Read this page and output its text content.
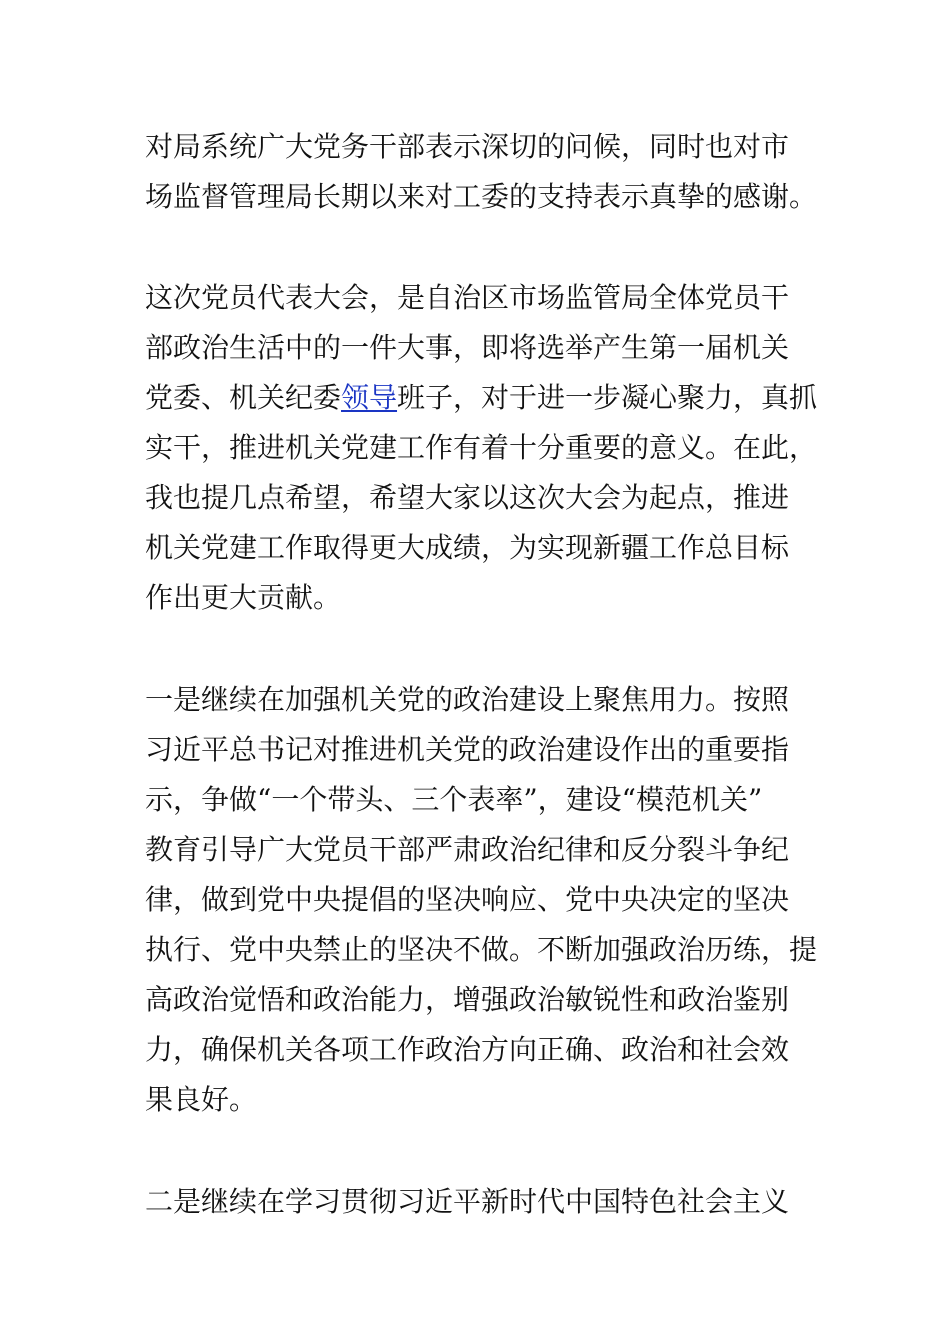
对局系统广大党务干部表示深切的问候，同时也对市
场监督管理局长期以来对工委的支持表示真挚的感谢。
这次党员代表大会，是自治区市场监管局全体党员干
部政治生活中的一件大事，即将选举产生第一届机关
党委、机关纪委领导班子，对于进一步凝心聚力，真抓
实干，推进机关党建工作有着十分重要的意义。在此，
我也提几点希望，希望大家以这次大会为起点，推进
机关党建工作取得更大成绩，为实现新疆工作总目标
作出更大贡献。
一是继续在加强机关党的政治建设上聚焦用力。按照
习近平总书记对推进机关党的政治建设作出的重要指
示，争做“一个带头、三个表率”，建设“模范机关”
教育引导广大党员干部严肃政治纪律和反分裂斗争纪
律，做到党中央提倡的坚决响应、党中央决定的坚决
执行、党中央禁止的坚决不做。不断加强政治历练，提
高政治觉悟和政治能力，增强政治敏锐性和政治鉴别
力，确保机关各项工作政治方向正确、政治和社会效
果良好。
二是继续在学习贯彻习近平新时代中国特色社会主义
